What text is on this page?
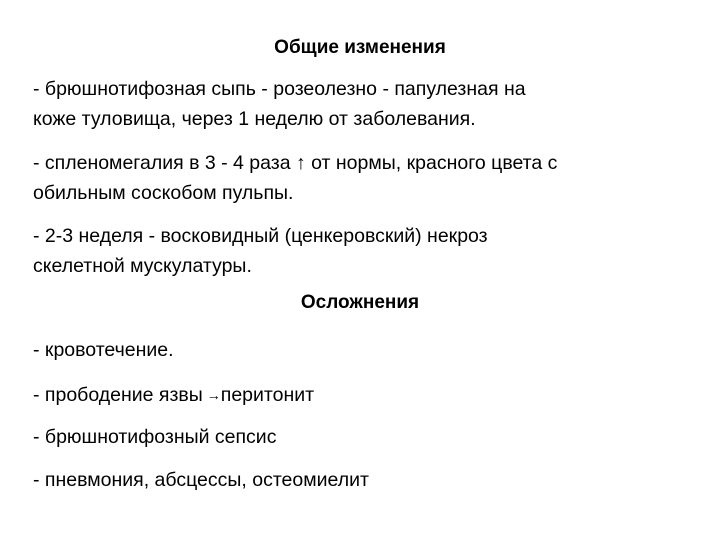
Общие изменения
- брюшнотифозная сыпь - розеолезно - папулезная на
коже туловища, через 1 неделю от заболевания.
- спленомегалия в 3 - 4 раза ↑ от нормы, красного цвета с
обильным соскобом пульпы.
- 2-3 неделя - восковидный (ценкеровский) некроз
скелетной мускулатуры.
Осложнения
- кровотечение.
- прободение язвы →перитонит
- брюшнотифозный сепсис
- пневмония, абсцессы, остеомиелит
